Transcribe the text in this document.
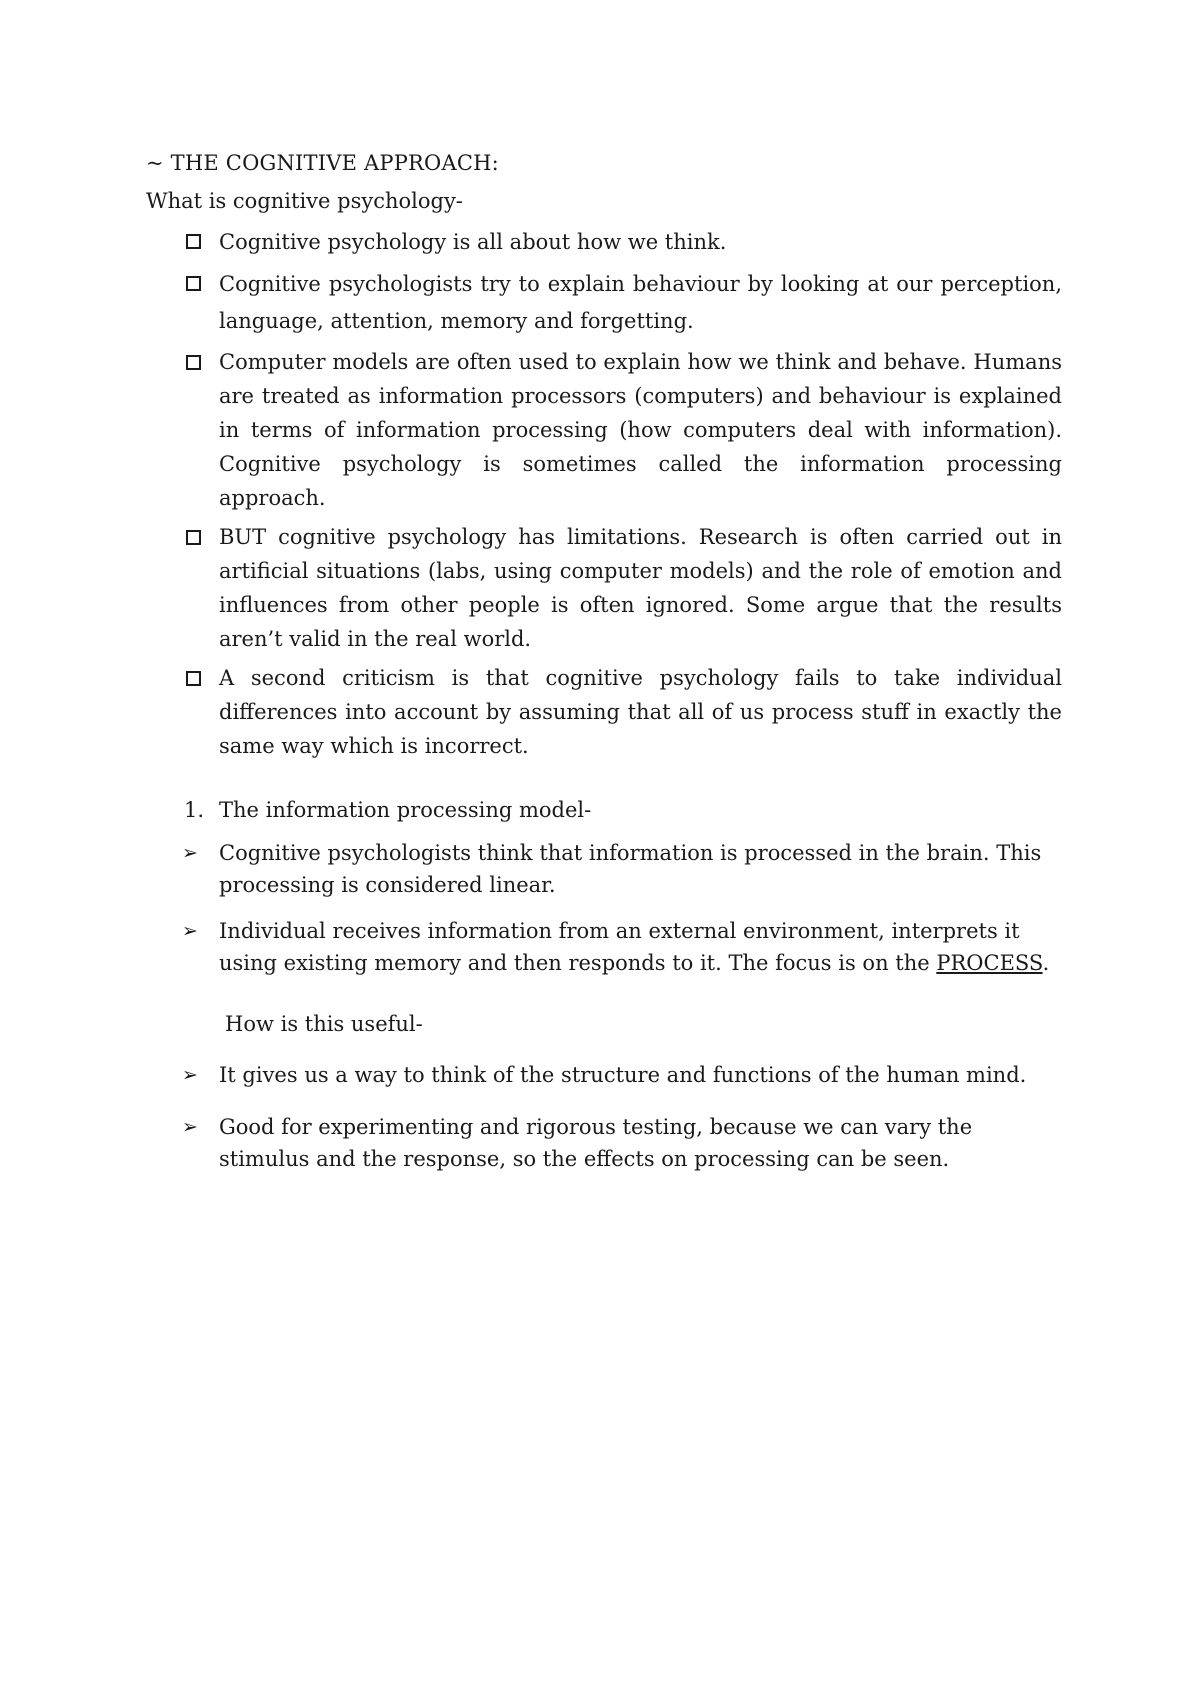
~ THE COGNITIVE APPROACH:

What is cognitive psychology-

Cognitive psychology is all about how we think.
Cognitive psychologists try to explain behaviour by looking at our perception, language, attention, memory and forgetting.
Computer models are often used to explain how we think and behave. Humans are treated as information processors (computers) and behaviour is explained in terms of information processing (how computers deal with information). Cognitive psychology is sometimes called the information processing approach.
BUT cognitive psychology has limitations. Research is often carried out in artificial situations (labs, using computer models) and the role of emotion and influences from other people is often ignored. Some argue that the results aren’t valid in the real world.
A second criticism is that cognitive psychology fails to take individual differences into account by assuming that all of us process stuff in exactly the same way which is incorrect.
1. The information processing model-
➢ Cognitive psychologists think that information is processed in the brain. This processing is considered linear.
➢ Individual receives information from an external environment, interprets it using existing memory and then responds to it. The focus is on the PROCESS.

How is this useful-

➢ It gives us a way to think of the structure and functions of the human mind.
➢ Good for experimenting and rigorous testing, because we can vary the stimulus and the response, so the effects on processing can be seen.
